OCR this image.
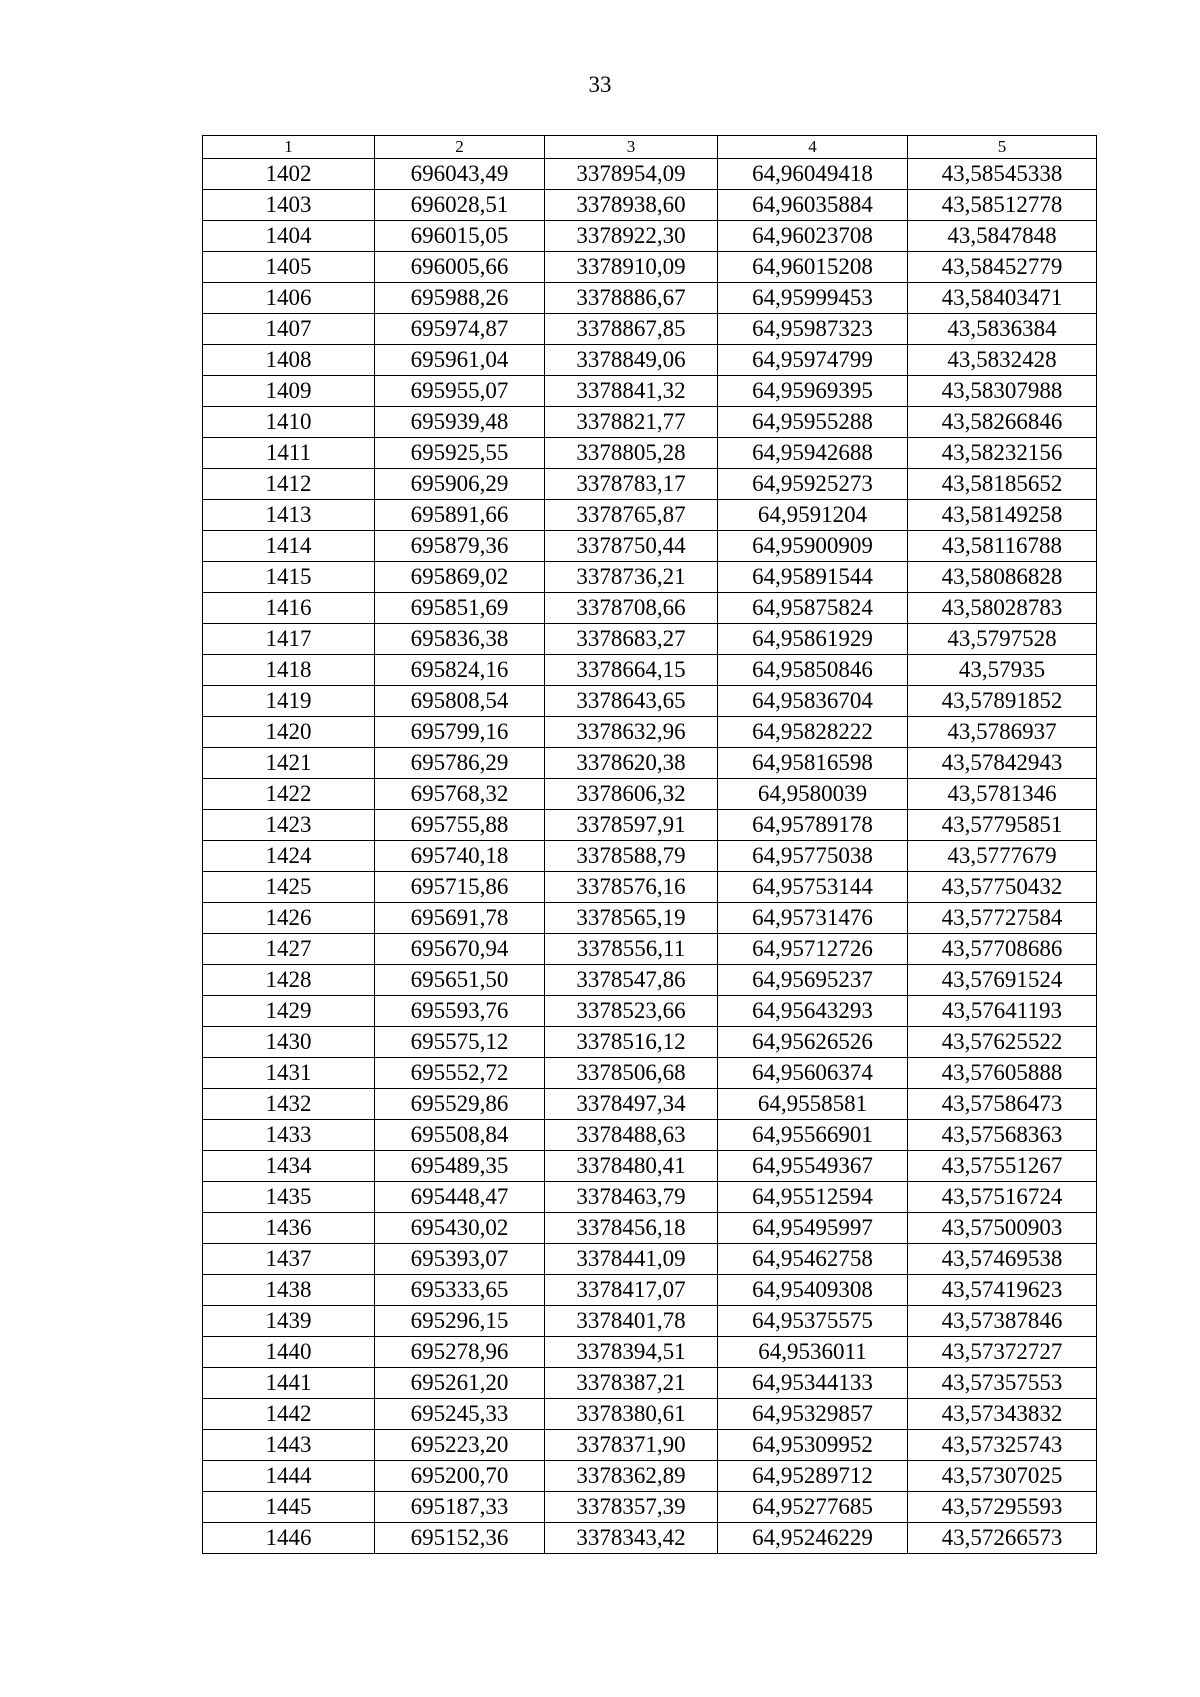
33
1	2	3	4	5
1402	696043,49	3378954,09	64,96049418	43,58545338
1403	696028,51	3378938,60	64,96035884	43,58512778
1404	696015,05	3378922,30	64,96023708	43,5847848
1405	696005,66	3378910,09	64,96015208	43,58452779
1406	695988,26	3378886,67	64,95999453	43,58403471
1407	695974,87	3378867,85	64,95987323	43,5836384
1408	695961,04	3378849,06	64,95974799	43,5832428
1409	695955,07	3378841,32	64,95969395	43,58307988
1410	695939,48	3378821,77	64,95955288	43,58266846
1411	695925,55	3378805,28	64,95942688	43,58232156
1412	695906,29	3378783,17	64,95925273	43,58185652
1413	695891,66	3378765,87	64,9591204	43,58149258
1414	695879,36	3378750,44	64,95900909	43,58116788
1415	695869,02	3378736,21	64,95891544	43,58086828
1416	695851,69	3378708,66	64,95875824	43,58028783
1417	695836,38	3378683,27	64,95861929	43,5797528
1418	695824,16	3378664,15	64,95850846	43,57935
1419	695808,54	3378643,65	64,95836704	43,57891852
1420	695799,16	3378632,96	64,95828222	43,5786937
1421	695786,29	3378620,38	64,95816598	43,57842943
1422	695768,32	3378606,32	64,9580039	43,5781346
1423	695755,88	3378597,91	64,95789178	43,57795851
1424	695740,18	3378588,79	64,95775038	43,5777679
1425	695715,86	3378576,16	64,95753144	43,57750432
1426	695691,78	3378565,19	64,95731476	43,57727584
1427	695670,94	3378556,11	64,95712726	43,57708686
1428	695651,50	3378547,86	64,95695237	43,57691524
1429	695593,76	3378523,66	64,95643293	43,57641193
1430	695575,12	3378516,12	64,95626526	43,57625522
1431	695552,72	3378506,68	64,95606374	43,57605888
1432	695529,86	3378497,34	64,9558581	43,57586473
1433	695508,84	3378488,63	64,95566901	43,57568363
1434	695489,35	3378480,41	64,95549367	43,57551267
1435	695448,47	3378463,79	64,95512594	43,57516724
1436	695430,02	3378456,18	64,95495997	43,57500903
1437	695393,07	3378441,09	64,95462758	43,57469538
1438	695333,65	3378417,07	64,95409308	43,57419623
1439	695296,15	3378401,78	64,95375575	43,57387846
1440	695278,96	3378394,51	64,9536011	43,57372727
1441	695261,20	3378387,21	64,95344133	43,57357553
1442	695245,33	3378380,61	64,95329857	43,57343832
1443	695223,20	3378371,90	64,95309952	43,57325743
1444	695200,70	3378362,89	64,95289712	43,57307025
1445	695187,33	3378357,39	64,95277685	43,57295593
1446	695152,36	3378343,42	64,95246229	43,57266573
